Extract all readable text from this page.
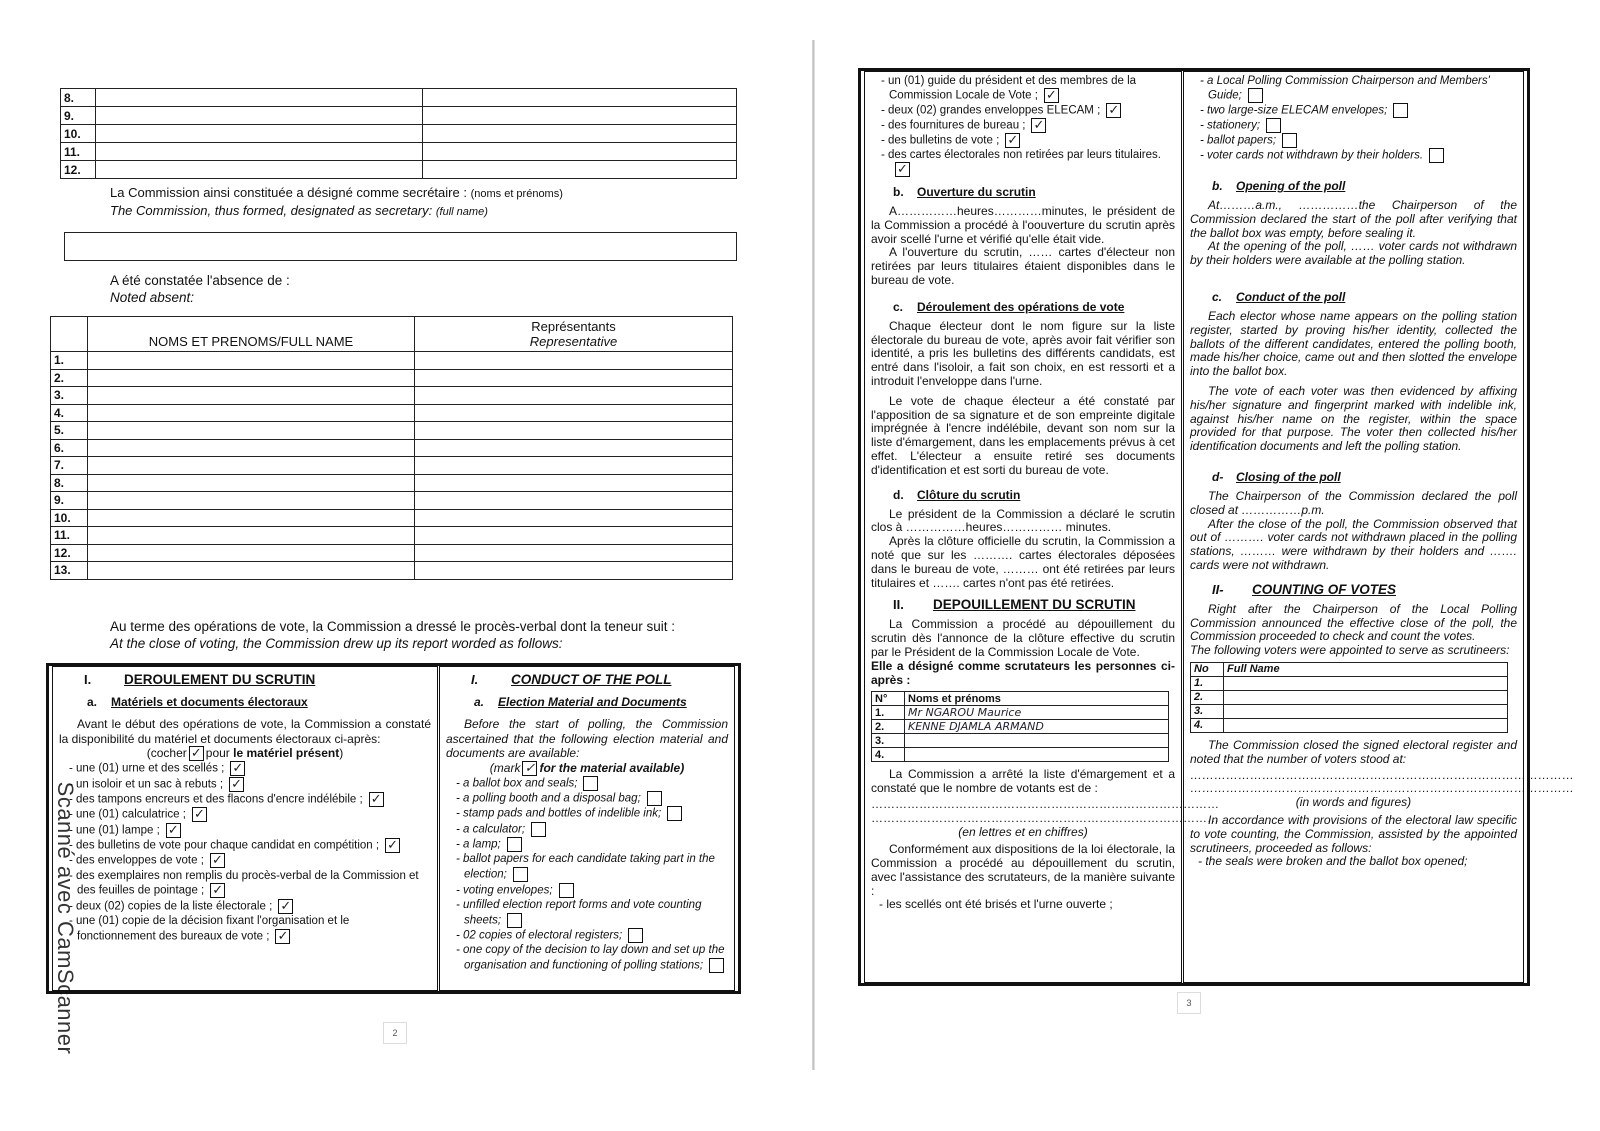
Scanné avec CamScanner
8.		
9.		
10.		
11.		
12.		
La Commission ainsi constituée a désigné comme secrétaire : (noms et prénoms)
The Commission, thus formed, designated as secretary: (full name)
A été constatée l'absence de :
Noted absent:
	NOMS ET PRENOMS/FULL NAME	Représentants
Representative

1.		
2.		
3.		
4.		
5.		
6.		
7.		
8.		
9.		
10.		
11.		
12.		
13.		
Au terme des opérations de vote, la Commission a dressé le procès-verbal dont la teneur suit :
At the close of voting, the Commission drew up its report worded as follows:
I. DEROULEMENT DU SCRUTIN
a. Matériels et documents électoraux
Avant le début des opérations de vote, la Commission a constaté la disponibilité du matériel et documents électoraux ci-après:
(cocher ✓ pour le matériel présent)
- une (01) urne et des scellés ; ✓
- un isoloir et un sac à rebuts ; ✓
- des tampons encreurs et des flacons d'encre indélébile ; ✓
- une (01) calculatrice ; ✓
- une (01) lampe ; ✓
- des bulletins de vote pour chaque candidat en compétition ; ✓
- des enveloppes de vote ; ✓
- des exemplaires non remplis du procès-verbal de la Commission et des feuilles de pointage ; ✓
- deux (02) copies de la liste électorale ; ✓
- une (01) copie de la décision fixant l'organisation et le fonctionnement des bureaux de vote ; ✓
I. CONDUCT OF THE POLL
a. Election Material and Documents
Before the start of polling, the Commission ascertained that the following election material and documents are available:
(mark ✓ for the material available)
- a ballot box and seals;
- a polling booth and a disposal bag;
- stamp pads and bottles of indelible ink;
- a calculator;
- a lamp;
- ballot papers for each candidate taking part in the election;
- voting envelopes;
- unfilled election report forms and vote counting sheets;
- 02 copies of electoral registers;
- one copy of the decision to lay down and set up the organisation and functioning of polling stations;
2
- un (01) guide du président et des membres de la Commission Locale de Vote ; ✓
- deux (02) grandes enveloppes ELECAM ; ✓
- des fournitures de bureau ; ✓
- des bulletins de vote ; ✓
- des cartes électorales non retirées par leurs titulaires.✓
b. Ouverture du scrutin
A……………heures…………minutes, le président de la Commission a procédé à l'oouverture du scrutin après avoir scellé l'urne et vérifié qu'elle était vide.
A l'ouverture du scrutin, …… cartes d'électeur non retirées par leurs titulaires étaient disponibles dans le bureau de vote.
c. Déroulement des opérations de vote
Chaque électeur dont le nom figure sur la liste électorale du bureau de vote, après avoir fait vérifier son identité, a pris les bulletins des différents candidats, est entré dans l'isoloir, a fait son choix, en est ressorti et a introduit l'enveloppe dans l'urne.
Le vote de chaque électeur a été constaté par l'apposition de sa signature et de son empreinte digitale imprégnée à l'encre indélébile, devant son nom sur la liste d'émargement, dans les emplacements prévus à cet effet. L'électeur a ensuite retiré ses documents d'identification et est sorti du bureau de vote.
d. Clôture du scrutin
Le président de la Commission a déclaré le scrutin clos à ……………heures…………… minutes.
Après la clôture officielle du scrutin, la Commission a noté que sur les ………. cartes électorales déposées dans le bureau de vote, ……… ont été retirées par leurs titulaires et ……. cartes n'ont pas été retirées.
II. DEPOUILLEMENT DU SCRUTIN
La Commission a procédé au dépouillement du scrutin dès l'annonce de la clôture effective du scrutin par le Président de la Commission Locale de Vote.
Elle a désigné comme scrutateurs les personnes ci-après :
N°	Noms et prénoms
1.	Mr NGAROU Maurice
2.	KENNE DJAMLA ARMAND
3.	
4.	
La Commission a arrêté la liste d'émargement et a constaté que le nombre de votants est de :
……………………………………………………………………………
……………………………………………………………………………
(en lettres et en chiffres)
Conformément aux dispositions de la loi électorale, la Commission a procédé au dépouillement du scrutin, avec l'assistance des scrutateurs, de la manière suivante :
- les scellés ont été brisés et l'urne ouverte ;
- a Local Polling Commission Chairperson and Members' Guide;
- two large-size ELECAM envelopes;
- stationery;
- ballot papers;
- voter cards not withdrawn by their holders.
b. Opening of the poll
At………a.m., ……………the Chairperson of the Commission declared the start of the poll after verifying that the ballot box was empty, before sealing it.
At the opening of the poll, …… voter cards not withdrawn by their holders were available at the polling station.
c. Conduct of the poll
Each elector whose name appears on the polling station register, started by proving his/her identity, collected the ballots of the different candidates, entered the polling booth, made his/her choice, came out and then slotted the envelope into the ballot box.
The vote of each voter was then evidenced by affixing his/her signature and fingerprint marked with indelible ink, against his/her name on the register, within the space provided for that purpose. The voter then collected his/her identification documents and left the polling station.
d- Closing of the poll
The Chairperson of the Commission declared the poll closed at ……………p.m.
After the close of the poll, the Commission observed that out of ………. voter cards not withdrawn placed in the polling stations, ……… were withdrawn by their holders and ……. cards were not withdrawn.
II- COUNTING OF VOTES
Right after the Chairperson of the Local Polling Commission announced the effective close of the poll, the Commission proceeded to check and count the votes.
The following voters were appointed to serve as scrutineers:
No	Full Name
1.	
2.	
3.	
4.	
The Commission closed the signed electoral register and noted that the number of voters stood at:
……………………………………………………………………………………
……………………………………………………………………………………
(in words and figures)
In accordance with provisions of the electoral law specific to vote counting, the Commission, assisted by the appointed scrutineers, proceeded as follows:
- the seals were broken and the ballot box opened;
3
